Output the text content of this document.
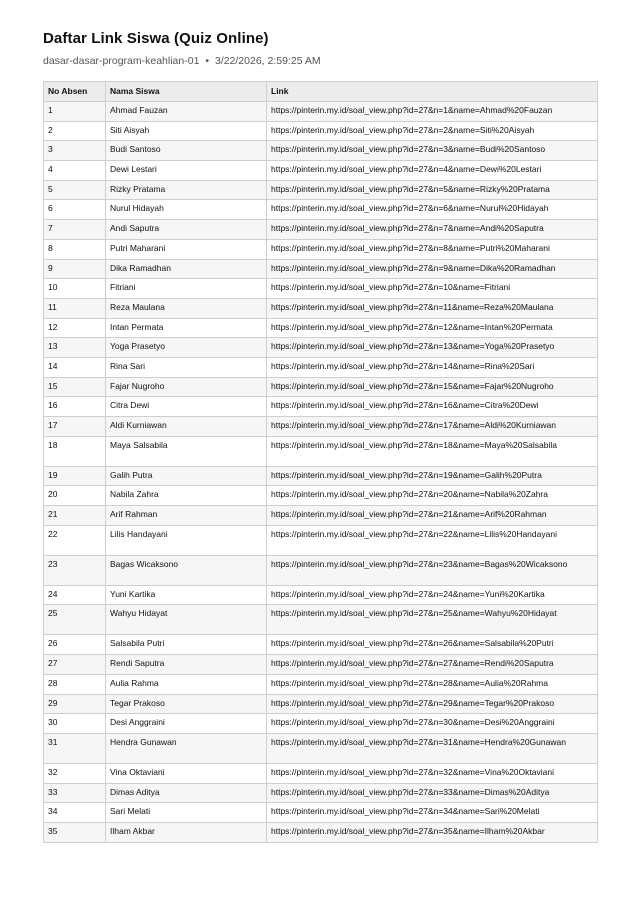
Daftar Link Siswa (Quiz Online)
dasar-dasar-program-keahlian-01 • 3/22/2026, 2:59:25 AM
No Absen	Nama Siswa	Link
1	Ahmad Fauzan	https://pinterin.my.id/soal_view.php?id=27&n=1&name=Ahmad%20Fauzan
2	Siti Aisyah	https://pinterin.my.id/soal_view.php?id=27&n=2&name=Siti%20Aisyah
3	Budi Santoso	https://pinterin.my.id/soal_view.php?id=27&n=3&name=Budi%20Santoso
4	Dewi Lestari	https://pinterin.my.id/soal_view.php?id=27&n=4&name=Dewi%20Lestari
5	Rizky Pratama	https://pinterin.my.id/soal_view.php?id=27&n=5&name=Rizky%20Pratama
6	Nurul Hidayah	https://pinterin.my.id/soal_view.php?id=27&n=6&name=Nurul%20Hidayah
7	Andi Saputra	https://pinterin.my.id/soal_view.php?id=27&n=7&name=Andi%20Saputra
8	Putri Maharani	https://pinterin.my.id/soal_view.php?id=27&n=8&name=Putri%20Maharani
9	Dika Ramadhan	https://pinterin.my.id/soal_view.php?id=27&n=9&name=Dika%20Ramadhan
10	Fitriani	https://pinterin.my.id/soal_view.php?id=27&n=10&name=Fitriani
11	Reza Maulana	https://pinterin.my.id/soal_view.php?id=27&n=11&name=Reza%20Maulana
12	Intan Permata	https://pinterin.my.id/soal_view.php?id=27&n=12&name=Intan%20Permata
13	Yoga Prasetyo	https://pinterin.my.id/soal_view.php?id=27&n=13&name=Yoga%20Prasetyo
14	Rina Sari	https://pinterin.my.id/soal_view.php?id=27&n=14&name=Rina%20Sari
15	Fajar Nugroho	https://pinterin.my.id/soal_view.php?id=27&n=15&name=Fajar%20Nugroho
16	Citra Dewi	https://pinterin.my.id/soal_view.php?id=27&n=16&name=Citra%20Dewi
17	Aldi Kurniawan	https://pinterin.my.id/soal_view.php?id=27&n=17&name=Aldi%20Kurniawan
18	Maya Salsabila	https://pinterin.my.id/soal_view.php?id=27&n=18&name=Maya%20Salsabila
19	Galih Putra	https://pinterin.my.id/soal_view.php?id=27&n=19&name=Galih%20Putra
20	Nabila Zahra	https://pinterin.my.id/soal_view.php?id=27&n=20&name=Nabila%20Zahra
21	Arif Rahman	https://pinterin.my.id/soal_view.php?id=27&n=21&name=Arif%20Rahman
22	Lilis Handayani	https://pinterin.my.id/soal_view.php?id=27&n=22&name=Lilis%20Handayani
23	Bagas Wicaksono	https://pinterin.my.id/soal_view.php?id=27&n=23&name=Bagas%20Wicaksono
24	Yuni Kartika	https://pinterin.my.id/soal_view.php?id=27&n=24&name=Yuni%20Kartika
25	Wahyu Hidayat	https://pinterin.my.id/soal_view.php?id=27&n=25&name=Wahyu%20Hidayat
26	Salsabila Putri	https://pinterin.my.id/soal_view.php?id=27&n=26&name=Salsabila%20Putri
27	Rendi Saputra	https://pinterin.my.id/soal_view.php?id=27&n=27&name=Rendi%20Saputra
28	Aulia Rahma	https://pinterin.my.id/soal_view.php?id=27&n=28&name=Aulia%20Rahma
29	Tegar Prakoso	https://pinterin.my.id/soal_view.php?id=27&n=29&name=Tegar%20Prakoso
30	Desi Anggraini	https://pinterin.my.id/soal_view.php?id=27&n=30&name=Desi%20Anggraini
31	Hendra Gunawan	https://pinterin.my.id/soal_view.php?id=27&n=31&name=Hendra%20Gunawan
32	Vina Oktaviani	https://pinterin.my.id/soal_view.php?id=27&n=32&name=Vina%20Oktaviani
33	Dimas Aditya	https://pinterin.my.id/soal_view.php?id=27&n=33&name=Dimas%20Aditya
34	Sari Melati	https://pinterin.my.id/soal_view.php?id=27&n=34&name=Sari%20Melati
35	Ilham Akbar	https://pinterin.my.id/soal_view.php?id=27&n=35&name=Ilham%20Akbar
